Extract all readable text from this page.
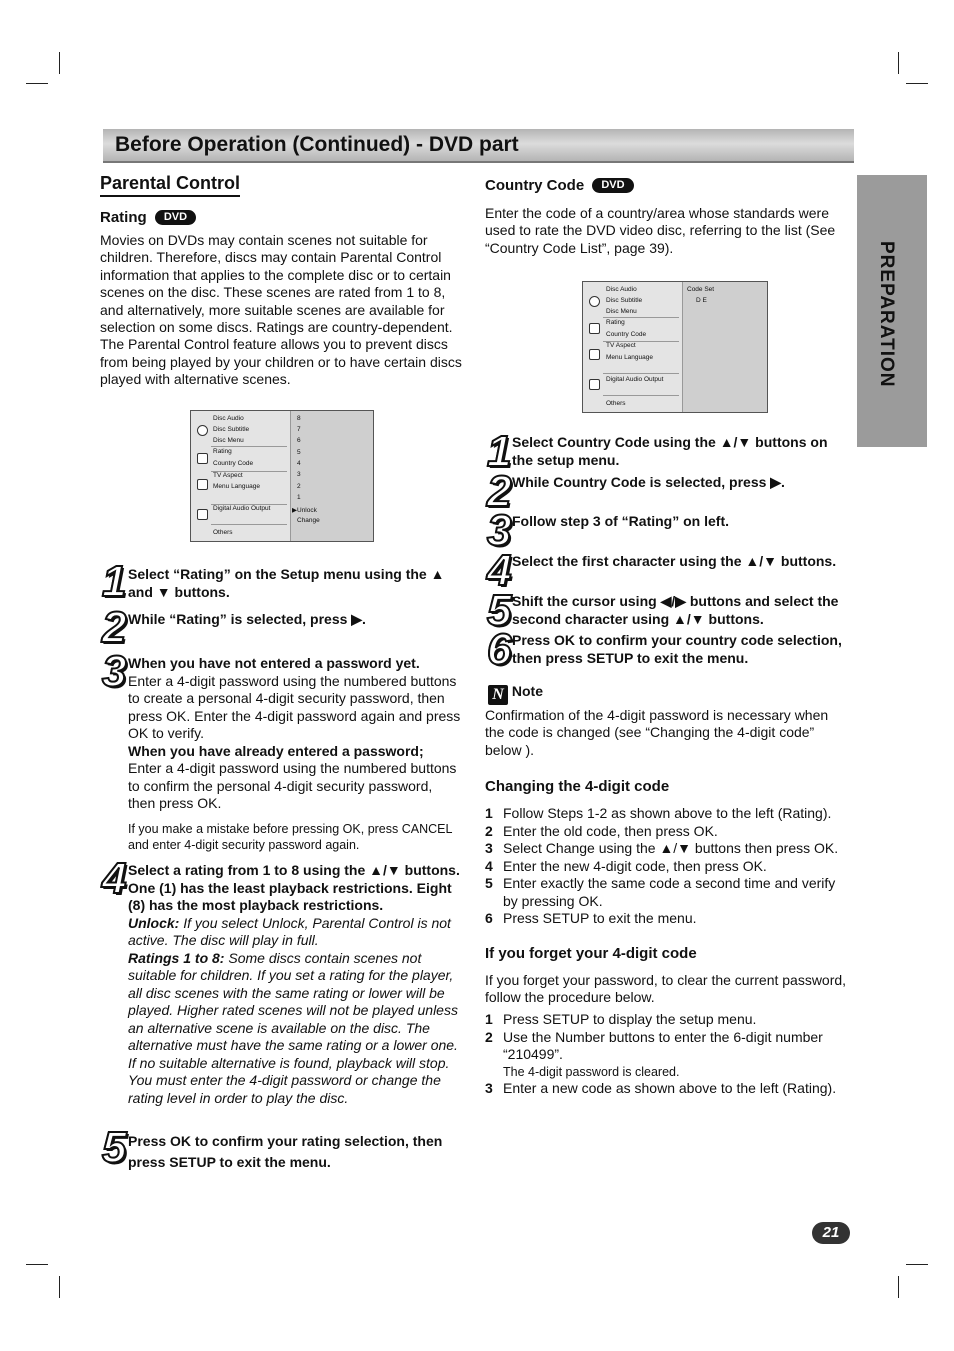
Before Operation (Continued) - DVD part
PREPARATION
Parental Control
Rating DVD
Movies on DVDs may contain scenes not suitable for children. Therefore, discs may contain Parental Control information that applies to the complete disc or to certain scenes on the disc. These scenes are rated from 1 to 8, and alternatively, more suitable scenes are available for selection on some discs. Ratings are country-dependent. The Parental Control feature allows you to prevent discs from being played by your children or to have certain discs played with alternative scenes.
Disc Audio
Disc Subtitle
Disc Menu
Rating
Country Code
TV Aspect
Menu Language
Digital Audio Output
Others
8
7
6
5
4
3
2
1
▶Unlock
Change
1 Select “Rating” on the Setup menu using the ▲ and ▼ buttons.
2 While “Rating” is selected, press ▶.
3 When you have not entered a password yet.
Enter a 4-digit password using the numbered buttons to create a personal 4-digit security password, then press OK. Enter the 4-digit password again and press OK to verify.
When you have already entered a password;
Enter a 4-digit password using the numbered buttons to confirm the personal 4-digit security password, then press OK.
If you make a mistake before pressing OK, press CANCEL and enter 4-digit security password again.
4 Select a rating from 1 to 8 using the ▲/▼ buttons. One (1) has the least playback restrictions. Eight (8) has the most playback restrictions.
Unlock: If you select Unlock, Parental Control is not active. The disc will play in full.
Ratings 1 to 8: Some discs contain scenes not suitable for children. If you set a rating for the player, all disc scenes with the same rating or lower will be played. Higher rated scenes will not be played unless an alternative scene is available on the disc. The alternative must have the same rating or a lower one. If no suitable alternative is found, playback will stop. You must enter the 4-digit password or change the rating level in order to play the disc.
5 Press OK to confirm your rating selection, then press SETUP to exit the menu.
Country Code DVD
Enter the code of a country/area whose standards were used to rate the DVD video disc, referring to the list (See “Country Code List”, page 39).
Disc Audio
Disc Subtitle
Disc Menu
Rating
Country Code
TV Aspect
Menu Language
Digital Audio Output
Others
Code Set
D E
1 Select Country Code using the ▲/▼ buttons on the setup menu.
2 While Country Code is selected, press ▶.
3 Follow step 3 of “Rating” on left.
4 Select the first character using the ▲/▼ buttons.
5 Shift the cursor using ◀/▶ buttons and select the second character using ▲/▼ buttons.
6 Press OK to confirm your country code selection, then press SETUP to exit the menu.
N Note
Confirmation of the 4-digit password is necessary when the code is changed (see “Changing the 4-digit code” below ).
Changing the 4-digit code
1 Follow Steps 1-2 as shown above to the left (Rating).
2 Enter the old code, then press OK.
3 Select Change using the ▲/▼ buttons then press OK.
4 Enter the new 4-digit code, then press OK.
5 Enter exactly the same code a second time and verify by pressing OK.
6 Press SETUP to exit the menu.
If you forget your 4-digit code
If you forget your password, to clear the current password, follow the procedure below.
1 Press SETUP to display the setup menu.
2 Use the Number buttons to enter the 6-digit number “210499”.
The 4-digit password is cleared.
3 Enter a new code as shown above to the left (Rating).
21
